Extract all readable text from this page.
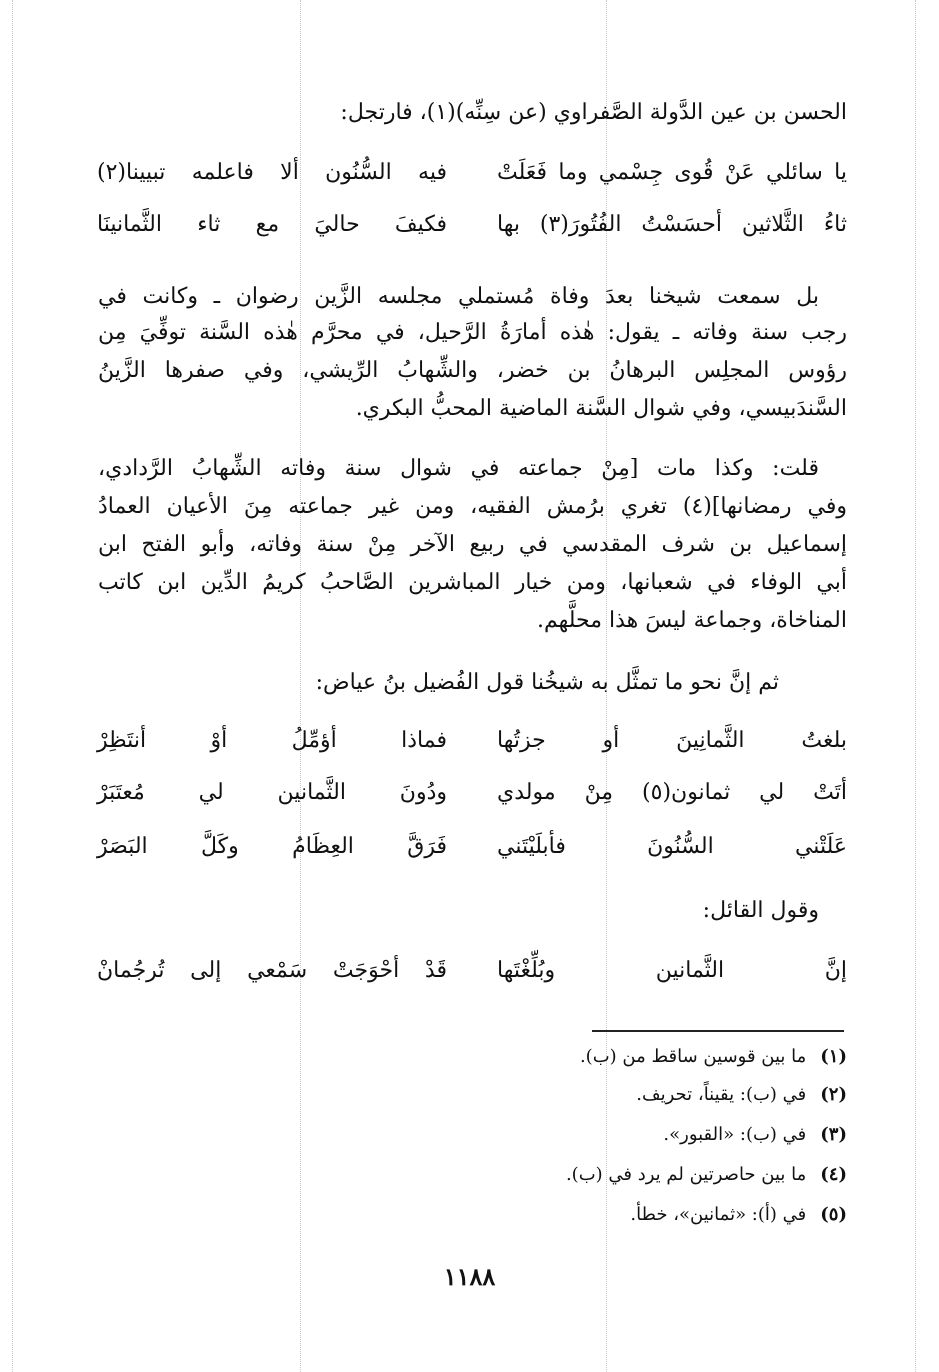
الحسن بن عين الدَّولة الصَّفراوي (عن سِنِّه)(١)، فارتجل:
يا سائلي عَنْ قُوى جِسْمي وما فَعَلَتْ
فيه السُّنُون ألا فاعلمه تبيينا(٢)
ثاءُ الثَّلاثين أحسَسْتُ الفُتُورَ(٣) بها
فكيفَ حاليَ مع ثاء الثَّمانينَا
بل سمعت شيخنا بعدَ وفاة مُستملي مجلسه الزَّين رضوان ـ وكانت في
رجب سنة وفاته ـ يقول: هٰذه أمارَةُ الرَّحيل، في محرَّم هٰذه السَّنة توفِّيَ مِن
رؤوس المجلِس البرهانُ بن خضر، والشِّهابُ الرِّيشي، وفي صفرها الزَّينُ
السَّندَبيسي، وفي شوال السَّنة الماضية المحبُّ البكري.
قلت: وكذا مات [مِنْ جماعته في شوال سنة وفاته الشِّهابُ الرَّدادي،
وفي رمضانها](٤) تغري برُمش الفقيه، ومن غير جماعته مِنَ الأعيان العمادُ
إسماعيل بن شرف المقدسي في ربيع الآخر مِنْ سنة وفاته، وأبو الفتح ابن
أبي الوفاء في شعبانها، ومن خيار المباشرين الصَّاحبُ كريمُ الدِّين ابن كاتب
المناخاة، وجماعة ليسَ هذا محلَّهم.
ثم إنَّ نحو ما تمثَّل به شيخُنا قول الفُضيل بنُ عياض:
بلغتُ الثَّمانِينَ أو جزتُها
فماذا أؤمِّلُ أوْ أنتَظِرْ
أتَتْ لي ثمانون(٥) مِنْ مولدي
ودُونَ الثَّمانين لي مُعتَبَرْ
عَلَتْني السُّنُونَ فأبلَيْتَني
فَرَقَّ العِظَامُ وكَلَّ البَصَرْ
وقول القائل:
إنَّ الثَّمانين وبُلِّغْتَها
قَدْ أحْوَجَتْ سَمْعي إلى تُرجُمانْ
(١)ما بين قوسين ساقط من (ب).
(٢)في (ب): يقيناً، تحريف.
(٣)في (ب): «القبور».
(٤)ما بين حاصرتين لم يرد في (ب).
(٥)في (أ): «ثمانين»، خطأ.
١١٨٨
